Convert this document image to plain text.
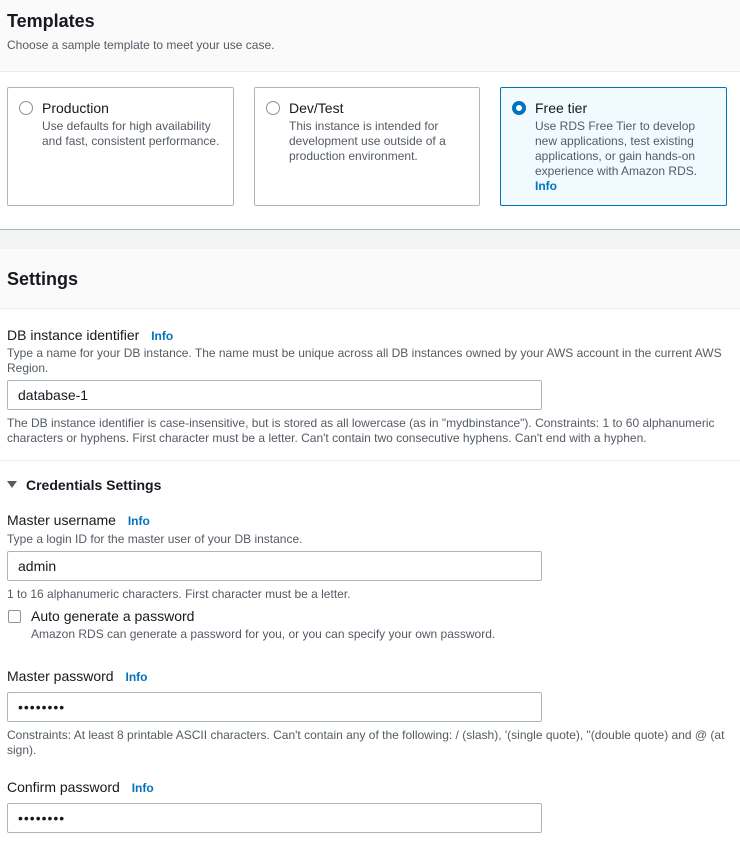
Templates
Choose a sample template to meet your use case.
Production
Use defaults for high availability and fast, consistent performance.
Dev/Test
This instance is intended for development use outside of a production environment.
Free tier
Use RDS Free Tier to develop new applications, test existing applications, or gain hands-on experience with Amazon RDS.
Info
Settings
DB instance identifier Info
Type a name for your DB instance. The name must be unique across all DB instances owned by your AWS account in the current AWS Region.
database-1
The DB instance identifier is case-insensitive, but is stored as all lowercase (as in "mydbinstance"). Constraints: 1 to 60 alphanumeric characters or hyphens. First character must be a letter. Can't contain two consecutive hyphens. Can't end with a hyphen.
Credentials Settings
Master username Info
Type a login ID for the master user of your DB instance.
admin
1 to 16 alphanumeric characters. First character must be a letter.
Auto generate a password
Amazon RDS can generate a password for you, or you can specify your own password.
Master password Info
••••••••
Constraints: At least 8 printable ASCII characters. Can't contain any of the following: / (slash), '(single quote), "(double quote) and @ (at sign).
Confirm password Info
••••••••
